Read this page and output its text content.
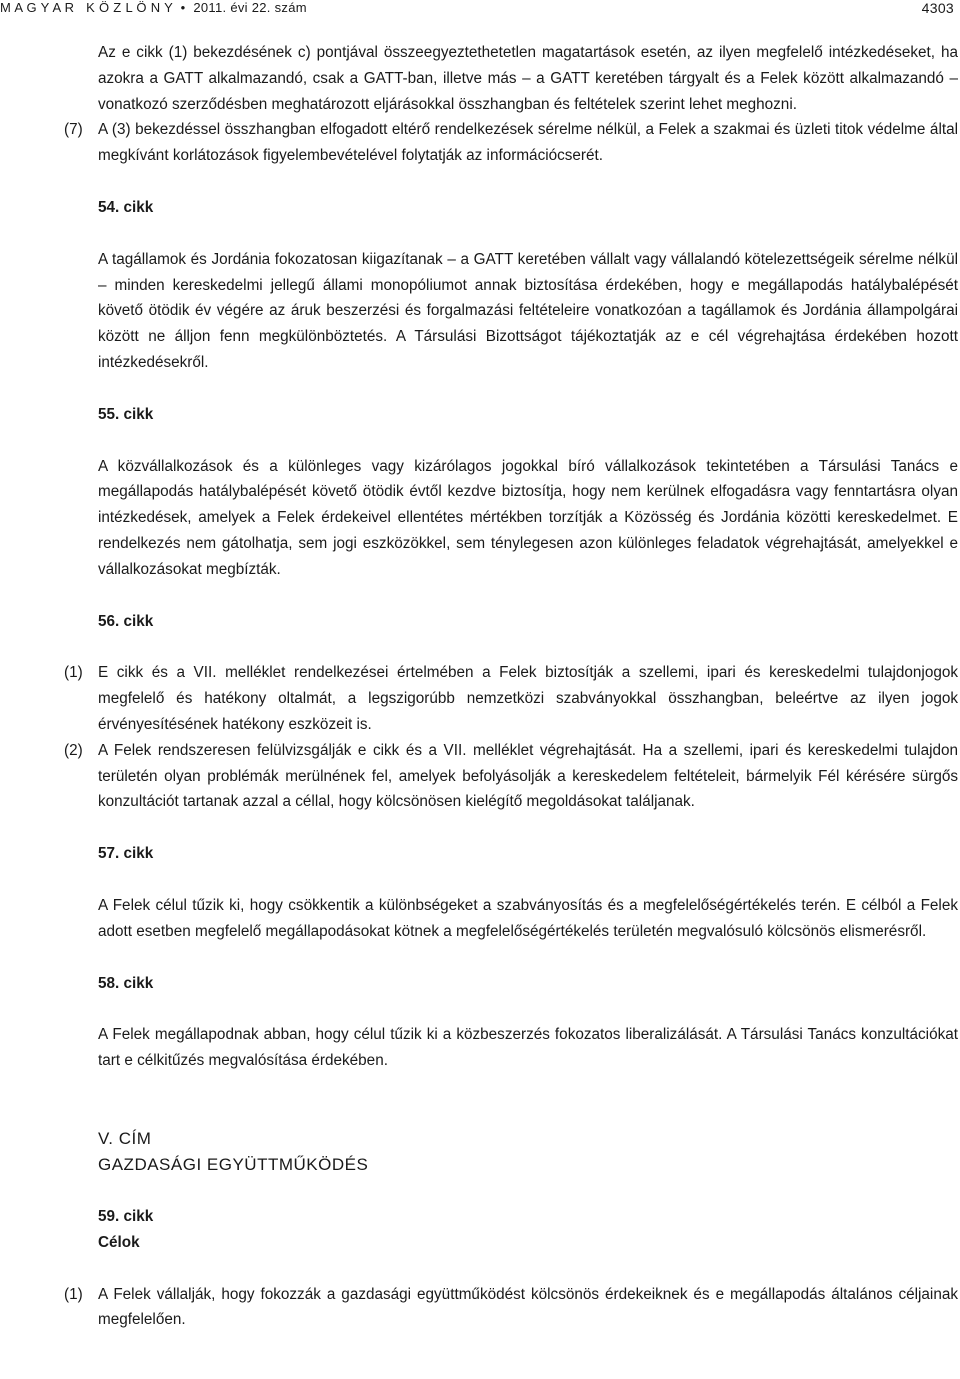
M A G Y A R   K Ö Z L Ö N Y  •  2011. évi 22. szám	4303

Az e cikk (1) bekezdésének c) pontjával összeegyeztethetetlen magatartások esetén, az ilyen megfelelő intézkedéseket, ha azokra a GATT alkalmazandó, csak a GATT-ban, illetve más – a GATT keretében tárgyalt és a Felek között alkalmazandó – vonatkozó szerződésben meghatározott eljárásokkal összhangban és feltételek szerint lehet meghozni.

(7) A (3) bekezdéssel összhangban elfogadott eltérő rendelkezések sérelme nélkül, a Felek a szakmai és üzleti titok védelme által megkívánt korlátozások figyelembevételével folytatják az információcserét.

54. cikk

A tagállamok és Jordánia fokozatosan kiigazítanak – a GATT keretében vállalt vagy vállalandó kötelezettségeik sérelme nélkül – minden kereskedelmi jellegű állami monopóliumot annak biztosítása érdekében, hogy e megállapodás hatálybalépését követő ötödik év végére az áruk beszerzési és forgalmazási feltételeire vonatkozóan a tagállamok és Jordánia állampolgárai között ne álljon fenn megkülönböztetés. A Társulási Bizottságot tájékoztatják az e cél végrehajtása érdekében hozott intézkedésekről.

55. cikk

A közvállalkozások és a különleges vagy kizárólagos jogokkal bíró vállalkozások tekintetében a Társulási Tanács e megállapodás hatálybalépését követő ötödik évtől kezdve biztosítja, hogy nem kerülnek elfogadásra vagy fenntartásra olyan intézkedések, amelyek a Felek érdekeivel ellentétes mértékben torzítják a Közösség és Jordánia közötti kereskedelmet. E rendelkezés nem gátolhatja, sem jogi eszközökkel, sem ténylegesen azon különleges feladatok végrehajtását, amelyekkel e vállalkozásokat megbízták.

56. cikk

(1) E cikk és a VII. melléklet rendelkezései értelmében a Felek biztosítják a szellemi, ipari és kereskedelmi tulajdonjogok megfelelő és hatékony oltalmát, a legszigorúbb nemzetközi szabványokkal összhangban, beleértve az ilyen jogok érvényesítésének hatékony eszközeit is.

(2) A Felek rendszeresen felülvizsgálják e cikk és a VII. melléklet végrehajtását. Ha a szellemi, ipari és kereskedelmi tulajdon területén olyan problémák merülnének fel, amelyek befolyásolják a kereskedelem feltételeit, bármelyik Fél kérésére sürgős konzultációt tartanak azzal a céllal, hogy kölcsönösen kielégítő megoldásokat találjanak.

57. cikk

A Felek célul tűzik ki, hogy csökkentik a különbségeket a szabványosítás és a megfelelőségértékelés terén. E célból a Felek adott esetben megfelelő megállapodásokat kötnek a megfelelőségértékelés területén megvalósuló kölcsönös elismerésről.

58. cikk

A Felek megállapodnak abban, hogy célul tűzik ki a közbeszerzés fokozatos liberalizálását. A Társulási Tanács konzultációkat tart e célkitűzés megvalósítása érdekében.

V. CÍM
GAZDASÁGI EGYÜTTMŰKÖDÉS
59. cikk
Célok

(1) A Felek vállalják, hogy fokozzák a gazdasági együttműködést kölcsönös érdekeiknek és e megállapodás általános céljainak megfelelően.
